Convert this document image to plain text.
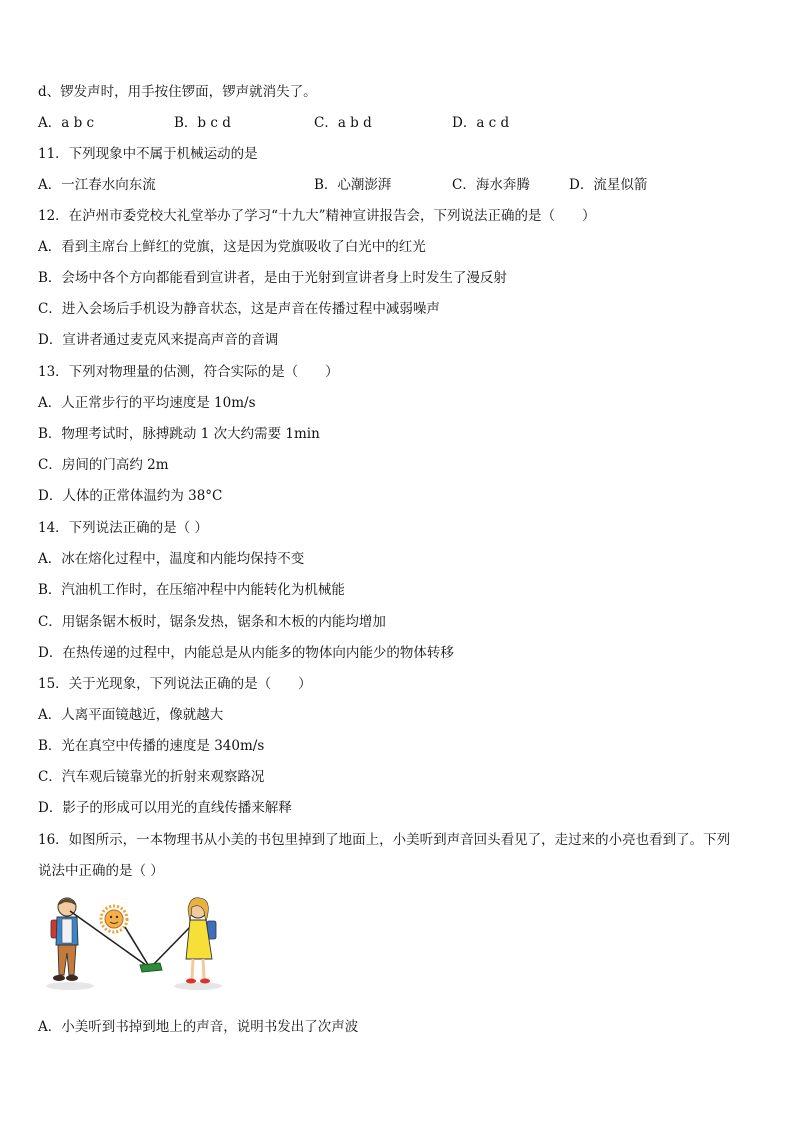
d、锣发声时，用手按住锣面，锣声就消失了。
A．a b c	B．b c d	C．a b d	D．a c d
11．下列现象中不属于机械运动的是
A．一江春水向东流	B．心潮澎湃	C．海水奔腾	D．流星似箭
12．在泸州市委党校大礼堂举办了学习“十九大”精神宣讲报告会，下列说法正确的是（　　）
A．看到主席台上鲜红的党旗，这是因为党旗吸收了白光中的红光
B．会场中各个方向都能看到宣讲者，是由于光射到宣讲者身上时发生了漫反射
C．进入会场后手机设为静音状态，这是声音在传播过程中减弱噪声
D．宣讲者通过麦克风来提高声音的音调
13．下列对物理量的估测，符合实际的是（　　）
A．人正常步行的平均速度是 10m/s
B．物理考试时，脉搏跳动 1 次大约需要 1min
C．房间的门高约 2m
D．人体的正常体温约为 38°C
14．下列说法正确的是（ ）
A．冰在熔化过程中，温度和内能均保持不变
B．汽油机工作时，在压缩冲程中内能转化为机械能
C．用锯条锯木板时，锯条发热，锯条和木板的内能均增加
D．在热传递的过程中，内能总是从内能多的物体向内能少的物体转移
15．关于光现象，下列说法正确的是（　　）
A．人离平面镜越近，像就越大
B．光在真空中传播的速度是 340m/s
C．汽车观后镜靠光的折射来观察路况
D．影子的形成可以用光的直线传播来解释
16．如图所示，一本物理书从小美的书包里掉到了地面上，小美听到声音回头看见了，走过来的小亮也看到了。下列
说法中正确的是（ ）
A．小美听到书掉到地上的声音，说明书发出了次声波
